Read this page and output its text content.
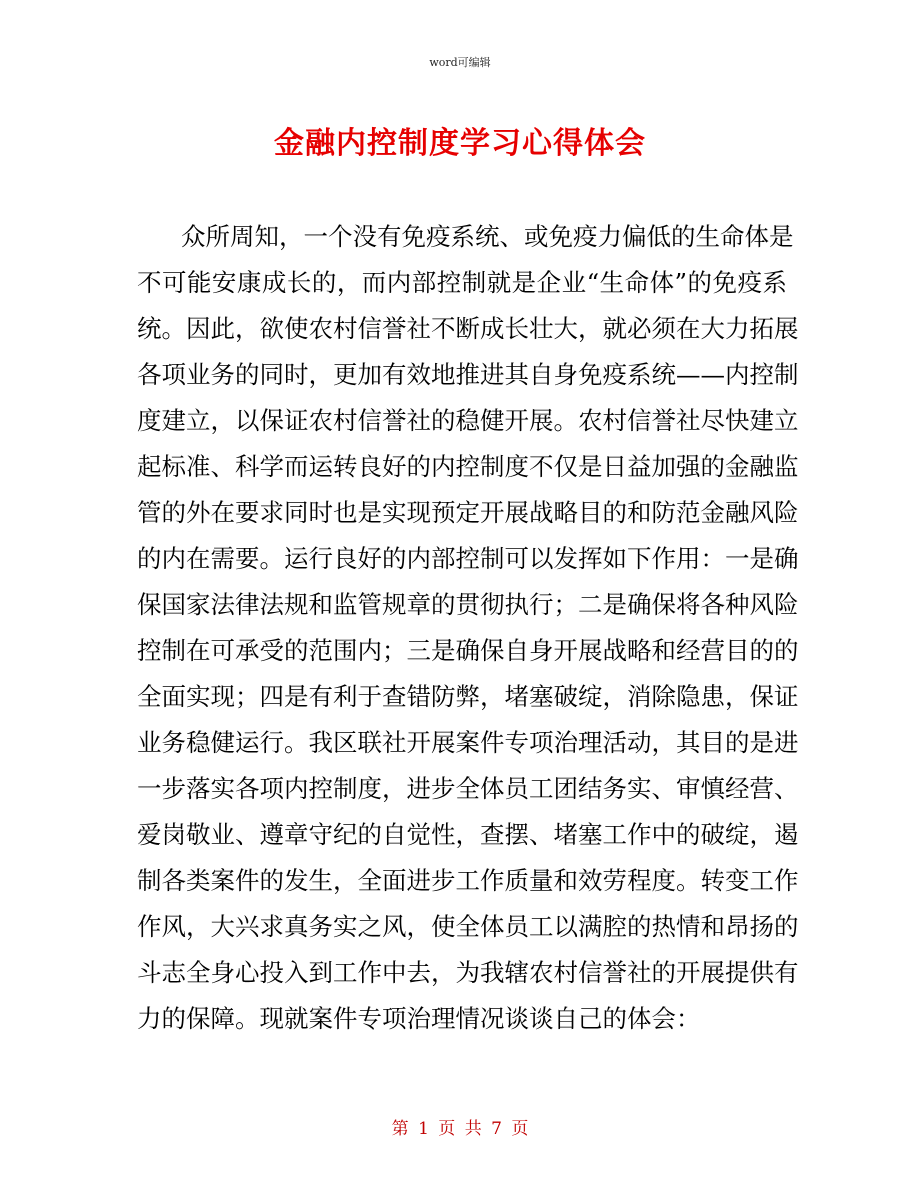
word可编辑
金融内控制度学习心得体会
众所周知，一个没有免疫系统、或免疫力偏低的生命体是
不可能安康成长的，而内部控制就是企业“生命体”的免疫系
统。因此，欲使农村信誉社不断成长壮大，就必须在大力拓展
各项业务的同时，更加有效地推进其自身免疫系统——内控制
度建立，以保证农村信誉社的稳健开展。农村信誉社尽快建立
起标准、科学而运转良好的内控制度不仅是日益加强的金融监
管的外在要求同时也是实现预定开展战略目的和防范金融风险
的内在需要。运行良好的内部控制可以发挥如下作用：一是确
保国家法律法规和监管规章的贯彻执行；二是确保将各种风险
控制在可承受的范围内；三是确保自身开展战略和经营目的的
全面实现；四是有利于查错防弊，堵塞破绽，消除隐患，保证
业务稳健运行。我区联社开展案件专项治理活动，其目的是进
一步落实各项内控制度，进步全体员工团结务实、审慎经营、
爱岗敬业、遵章守纪的自觉性，查摆、堵塞工作中的破绽，遏
制各类案件的发生，全面进步工作质量和效劳程度。转变工作
作风，大兴求真务实之风，使全体员工以满腔的热情和昂扬的
斗志全身心投入到工作中去，为我辖农村信誉社的开展提供有
力的保障。现就案件专项治理情况谈谈自己的体会：
第 1 页 共 7 页
